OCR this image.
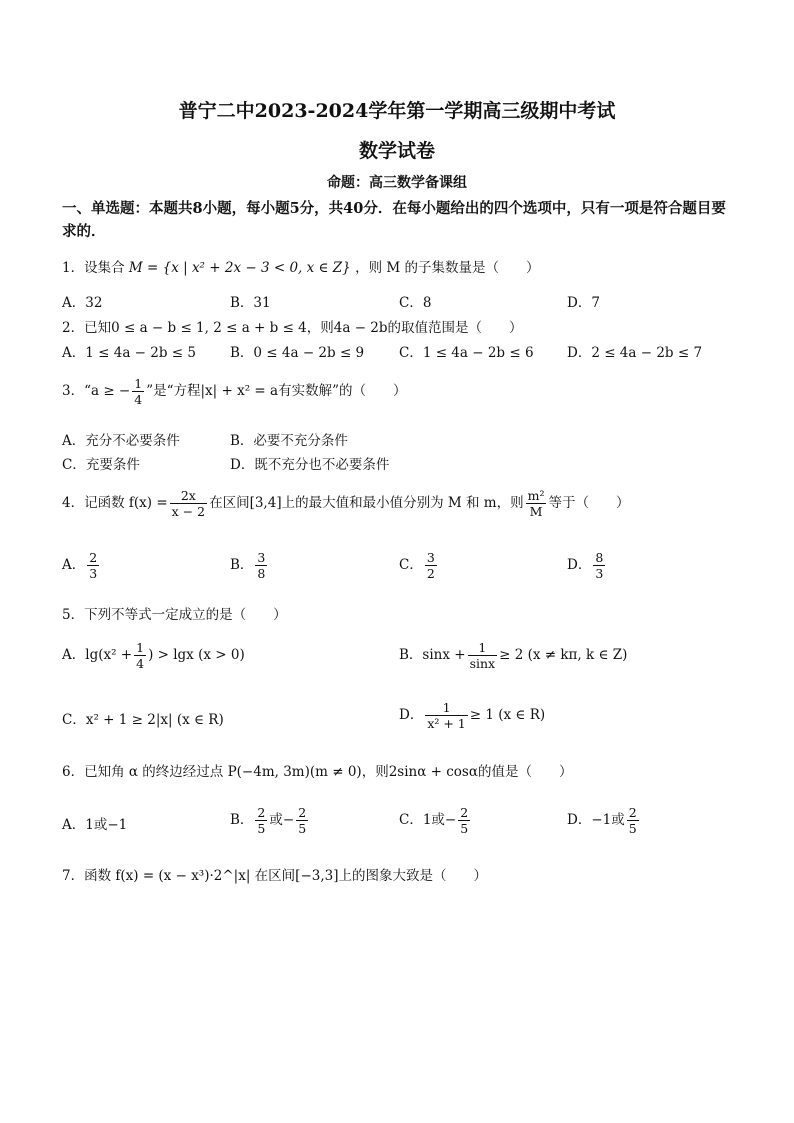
普宁二中2023-2024学年第一学期高三级期中考试
数学试卷
命题：高三数学备课组
一、单选题：本题共8小题，每小题5分，共40分．在每小题给出的四个选项中，只有一项是符合题目要求的．
1．设集合 M = {x | x² + 2x − 3 < 0, x ∈ Z} ，则 M 的子集数量是（　　）
A．32	B．31	C．8	D．7
2．已知0 ≤ a − b ≤ 1, 2 ≤ a + b ≤ 4，则4a − 2b的取值范围是（　　）
A．1 ≤ 4a − 2b ≤ 5	B．0 ≤ 4a − 2b ≤ 9	C．1 ≤ 4a − 2b ≤ 6 D．2 ≤ 4a − 2b ≤ 7
3．“a ≥ − $\frac{1}{4}$ ”是“方程|x| + x² = a有实数解”的（　　）
A．充分不必要条件	B．必要不充分条件
C．充要条件	D．既不充分也不必要条件
4．记函数 $f(x) = \frac{2x}{x - 2}$ 在区间[3,4]上的最大值和最小值分别为 M 和 m，则 $\frac{\text{m²}}{M}$ 等于（　　）
A． $\frac{2}{3}$	B． $\frac{3}{8}$	C． $\frac{3}{2}$	D． $\frac{8}{3}$
5．下列不等式一定成立的是（　　）
A．$\lg(x^2 + \frac{1}{4}$ ) > lgx (x > 0)	B．$\sin x + \frac{1}{\sin x} \ge 2$ (x ≠ kπ, k ∈ Z)
C．x² + 1 ≥ 2|x| (x ∈ R)	D． $\frac{1}{\text{x² + 1}} \ge 1$ (x ∈ R)
6．已知角 α 的终边经过点 P(−4m, 3m)(m ≠ 0)，则2sinα + cosα的值是（　　）
A．1或−1	B． $\frac{2}{5}$ 或− $\frac{2}{5}$	C．1或− $\frac{2}{5}$	D．−1或 $\frac{2}{5}$
7．函数 f(x) = (x − x³)·2^|x| 在区间[−3,3]上的图象大致是（　　）
